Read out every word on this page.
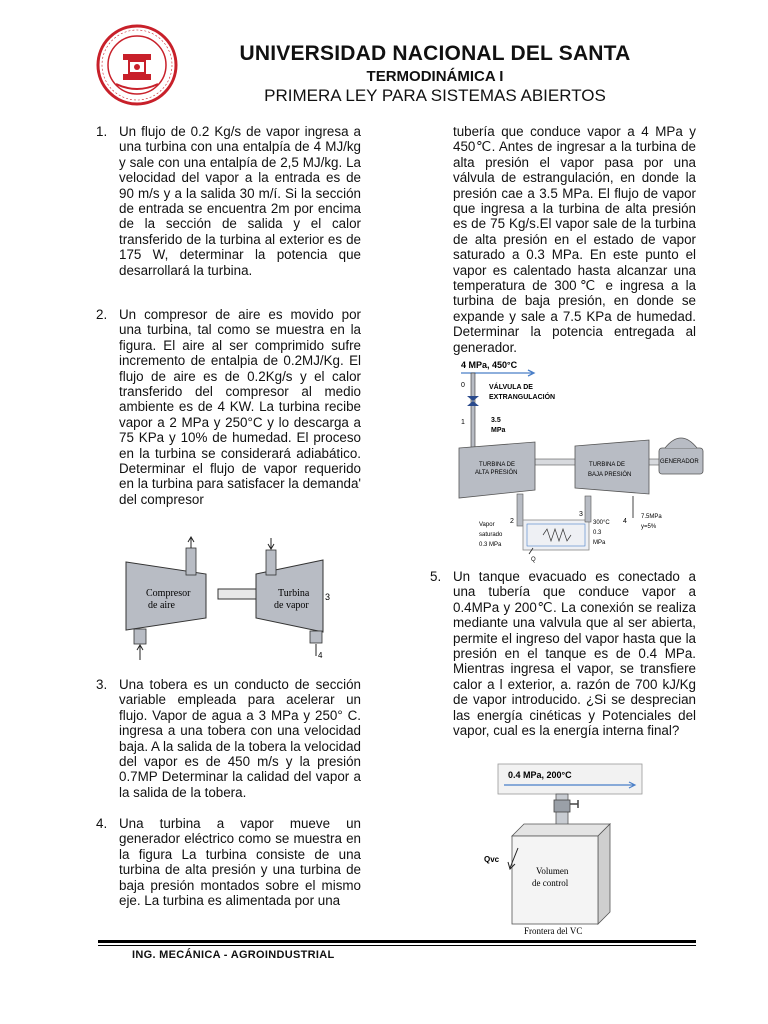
UNIVERSIDAD NACIONAL DEL SANTA
TERMODINÁMICA I
PRIMERA LEY PARA SISTEMAS ABIERTOS
1. Un flujo de 0.2 Kg/s de vapor ingresa a una turbina con una entalpía de 4 MJ/kg y sale con una entalpía de 2,5 MJ/kg. La velocidad del vapor a la entrada es de 90 m/s y a la salida 30 m/í. Si la sección de entrada se encuentra 2m por encima de la sección de salida y el calor transferido de la turbina al exterior es de 175 W, determinar la potencia que desarrollará la turbina.
2. Un compresor de aire es movido por una turbina, tal como se muestra en la figura. El aire al ser comprimido sufre incremento de entalpia de 0.2MJ/Kg. El flujo de aire es de 0.2Kg/s y el calor transferido del compresor al medio ambiente es de 4 KW. La turbina recibe vapor a 2 MPa y 250°C y lo descarga a 75 KPa y 10% de humedad. El proceso en la turbina se considerará adiabático. Determinar el flujo de vapor requerido en la turbina para satisfacer la demanda' del compresor
3. Una tobera es un conducto de sección variable empleada para acelerar un flujo. Vapor de agua a 3 MPa y 250° C. ingresa a una tobera con una velocidad baja. A la salida de la tobera la velocidad del vapor es de 450 m/s y la presión 0.7MP Determinar la calidad del vapor a la salida de la tobera.
4. Una turbina a vapor mueve un generador eléctrico como se muestra en la figura La turbina consiste de una turbina de alta presión y una turbina de baja presión montados sobre el mismo eje. La turbina es alimentada por una
Compresor
de aire
Turbina
de vapor
3
4
tubería que conduce vapor a 4 MPa y 450℃. Antes de ingresar a la turbina de alta presión el vapor pasa por una válvula de estrangulación, en donde la presión cae a 3.5 MPa. El flujo de vapor que ingresa a la turbina de alta presión es de 75 Kg/s.El vapor sale de la turbina de alta presión en el estado de vapor saturado a 0.3 MPa. En este punto el vapor es calentado hasta alcanzar una temperatura de 300℃ e ingresa a la turbina de baja presión, en donde se expande y sale a 7.5 KPa de humedad. Determinar la potencia entregada al generador.
4 MPa, 450°C
0	VÁLVULA DE
EXTRANGULACIÓN
1	3.5
MPa
TURBINA DE
ALTA PRESIÓN
TURBINA DE
BAJA PRESIÓN
GENERADOR
2
3
4
Vapor
saturado
0.3 MPa
Q
300°C
0.3
MPa
7.5MPa
y=5%
5. Un tanque evacuado es conectado a una tubería que conduce vapor a 0.4MPa y 200℃. La conexión se realiza mediante una valvula que al ser abierta, permite el ingreso del vapor hasta que la presión en el tanque es de 0.4 MPa. Mientras ingresa el vapor, se transfiere calor a l exterior, a. razón de 700 kJ/Kg de vapor introducido. ¿Si se desprecian las energía cinéticas y Potenciales del vapor, cual es la energía interna final?
0.4 MPa, 200°C
Qvc
Volumen
de control
Frontera del VC
ING. MECÁNICA - AGROINDUSTRIAL
